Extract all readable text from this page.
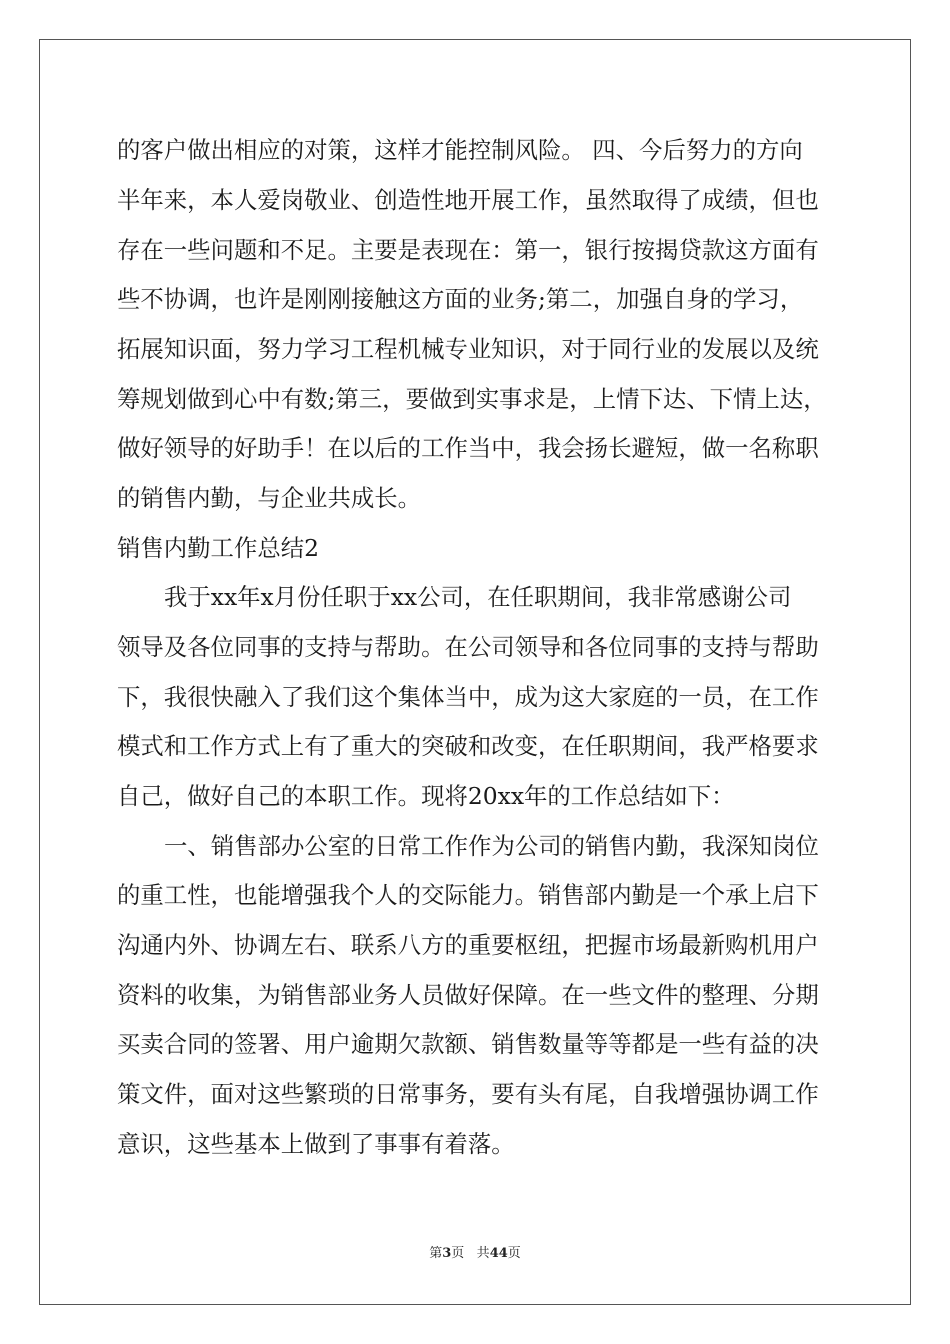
的客户做出相应的对策，这样才能控制风险。 四、今后努力的方向
半年来，本人爱岗敬业、创造性地开展工作，虽然取得了成绩，但也
存在一些问题和不足。主要是表现在：第一，银行按揭贷款这方面有
些不协调，也许是刚刚接触这方面的业务;第二，加强自身的学习，
拓展知识面，努力学习工程机械专业知识，对于同行业的发展以及统
筹规划做到心中有数;第三，要做到实事求是，上情下达、下情上达，
做好领导的好助手！在以后的工作当中，我会扬长避短，做一名称职
的销售内勤，与企业共成长。
销售内勤工作总结2
我于xx年x月份任职于xx公司，在任职期间，我非常感谢公司
领导及各位同事的支持与帮助。在公司领导和各位同事的支持与帮助
下，我很快融入了我们这个集体当中，成为这大家庭的一员，在工作
模式和工作方式上有了重大的突破和改变，在任职期间，我严格要求
自己，做好自己的本职工作。现将20xx年的工作总结如下：
一、销售部办公室的日常工作作为公司的销售内勤，我深知岗位
的重工性，也能增强我个人的交际能力。销售部内勤是一个承上启下
沟通内外、协调左右、联系八方的重要枢纽，把握市场最新购机用户
资料的收集，为销售部业务人员做好保障。在一些文件的整理、分期
买卖合同的签署、用户逾期欠款额、销售数量等等都是一些有益的决
策文件，面对这些繁琐的日常事务，要有头有尾，自我增强协调工作
意识，这些基本上做到了事事有着落。
第3页 共44页
